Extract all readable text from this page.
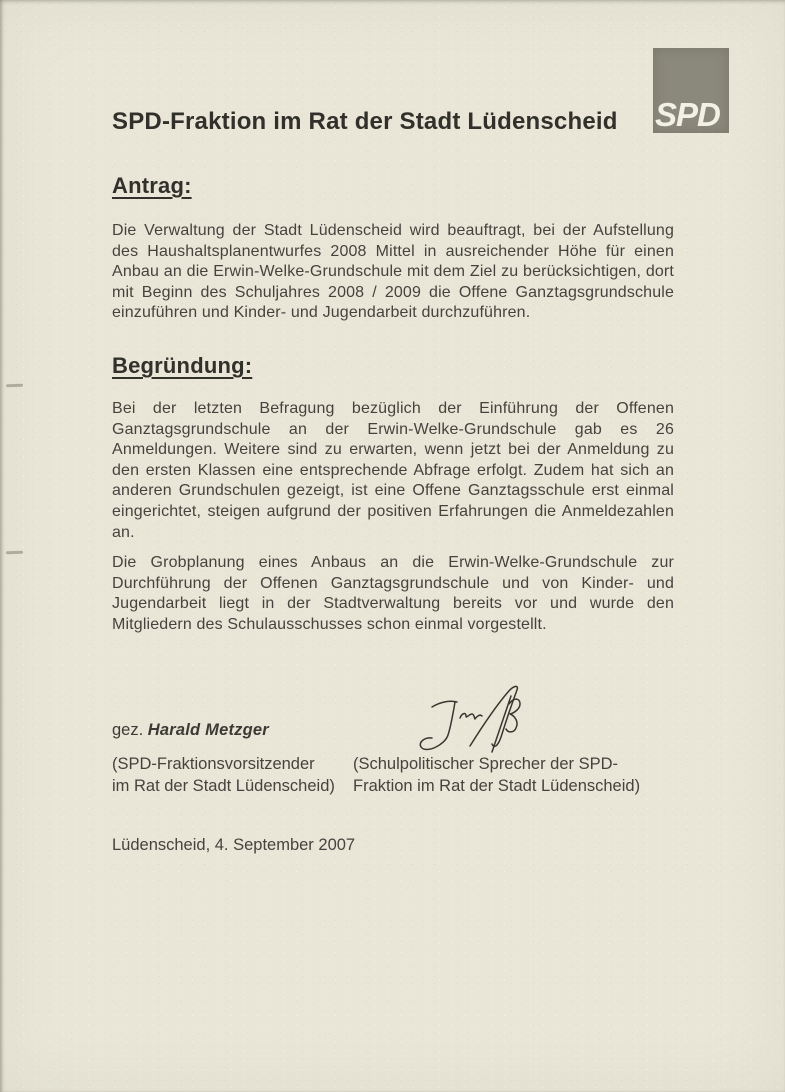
SPD-Fraktion im Rat der Stadt Lüdenscheid SPD
Antrag:
Die Verwaltung der Stadt Lüdenscheid wird beauftragt, bei der Aufstellung des Haushaltsplanentwurfes 2008 Mittel in ausreichender Höhe für einen Anbau an die Erwin-Welke-Grundschule mit dem Ziel zu berücksichtigen, dort mit Beginn des Schuljahres 2008 / 2009 die Offene Ganztagsgrundschule einzuführen und Kinder- und Jugendarbeit durchzuführen.
Begründung:
Bei der letzten Befragung bezüglich der Einführung der Offenen Ganztagsgrundschule an der Erwin-Welke-Grundschule gab es 26 Anmeldungen. Weitere sind zu erwarten, wenn jetzt bei der Anmeldung zu den ersten Klassen eine entsprechende Abfrage erfolgt. Zudem hat sich an anderen Grundschulen gezeigt, ist eine Offene Ganztagsschule erst einmal eingerichtet, steigen aufgrund der positiven Erfahrungen die Anmeldezahlen an.
Die Grobplanung eines Anbaus an die Erwin-Welke-Grundschule zur Durchführung der Offenen Ganztagsgrundschule und von Kinder- und Jugendarbeit liegt in der Stadtverwaltung bereits vor und wurde den Mitgliedern des Schulausschusses schon einmal vorgestellt.
gez. Harald Metzger
(SPD-Fraktionsvorsitzender
im Rat der Stadt Lüdenscheid)
(Schulpolitischer Sprecher der SPD-
Fraktion im Rat der Stadt Lüdenscheid)
Lüdenscheid, 4. September 2007
